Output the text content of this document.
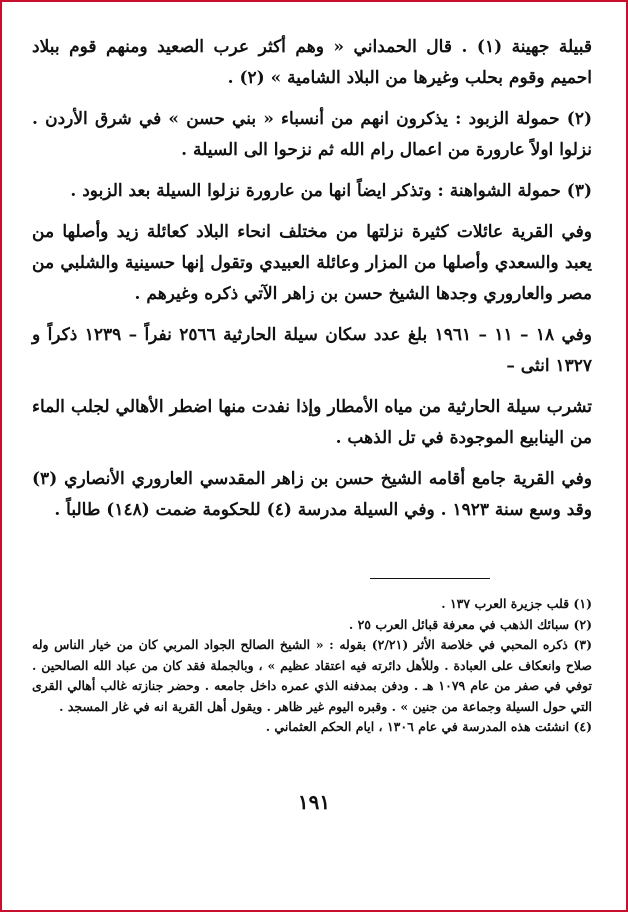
قبيلة جهينة (١) . قال الحمداني « وهم أكثر عرب الصعيد ومنهم قوم ببلاد احميم وقوم بحلب وغيرها من البلاد الشامية » (٢) .

(٢) حمولة الزبود : يذكرون انهم من أنسباء « بني حسن » في شرق الأردن . نزلوا اولاً عارورة من اعمال رام الله ثم نزحوا الى السيلة .

(٣) حمولة الشواهنة : وتذكر ايضاً انها من عارورة نزلوا السيلة بعد الزبود .

وفي القرية عائلات كثيرة نزلتها من مختلف انحاء البلاد كعائلة زيد وأصلها من يعبد والسعدي وأصلها من المزار وعائلة العبيدي وتقول إنها حسينية والشلبي من مصر والعاروري وجدها الشيخ حسن بن زاهر الآتي ذكره وغيرهم .

وفي ١٨ – ١١ – ١٩٦١ بلغ عدد سكان سيلة الحارثية ٢٥٦٦ نفراً – ١٢٣٩ ذكراً و ١٣٢٧ انثى –

تشرب سيلة الحارثية من مياه الأمطار وإذا نفدت منها اضطر الأهالي لجلب الماء من الينابيع الموجودة في تل الذهب .

وفي القرية جامع أقامه الشيخ حسن بن زاهر المقدسي العاروري الأنصاري (٣) وقد وسع سنة ١٩٢٣ . وفي السيلة مدرسة (٤) للحكومة ضمت (١٤٨) طالباً .

(١) قلب جزيرة العرب ١٣٧ .

(٢) سبائك الذهب في معرفة قبائل العرب ٢٥ .

(٣) ذكره المحبي في خلاصة الأثر (٢/٢١) بقوله : « الشيخ الصالح الجواد المربي كان من خيار الناس وله صلاح وانعكاف على العبادة . وللأهل دائرته فيه اعتقاد عظيم » ، وبالجملة فقد كان من عباد الله الصالحين . توفي في صفر من عام ١٠٧٩ هـ . ودفن بمدفنه الذي عمره داخل جامعه . وحضر جنازته غالب أهالي القرى التي حول السيلة وجماعة من جنين » . وقبره اليوم غير ظاهر . ويقول أهل القرية انه في غار المسجد .

(٤) انشئت هذه المدرسة في عام ١٣٠٦ ، ايام الحكم العثماني .

١٩١
